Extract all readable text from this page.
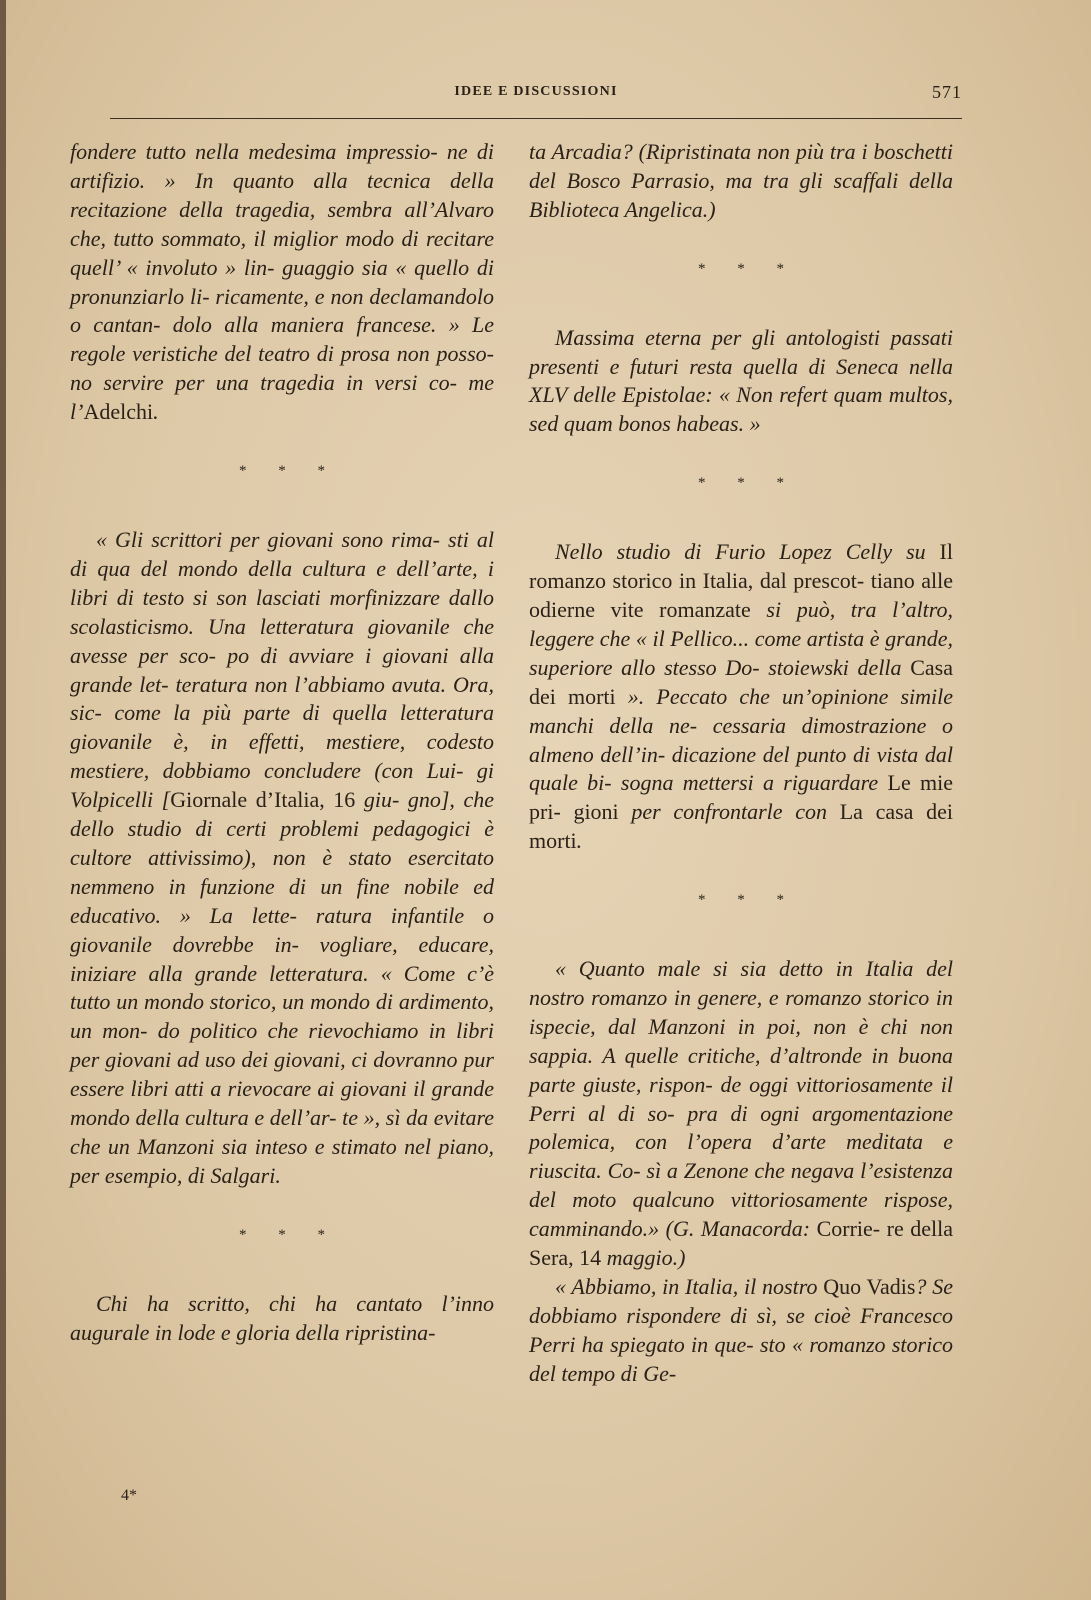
IDEE E DISCUSSIONI	571

fondere tutto nella medesima impressio- ne di artifizio. » In quanto alla tecnica della recitazione della tragedia, sembra all’Alvaro che, tutto sommato, il miglior modo di recitare quell’ « involuto » lin- guaggio sia « quello di pronunziarlo li- ricamente, e non declamandolo o cantan- dolo alla maniera francese. » Le regole veristiche del teatro di prosa non posso- no servire per una tragedia in versi co- me l’Adelchi.

* * *

« Gli scrittori per giovani sono rima- sti al di qua del mondo della cultura e dell’arte, i libri di testo si son lasciati morfinizzare dallo scolasticismo. Una letteratura giovanile che avesse per sco- po di avviare i giovani alla grande let- teratura non l’abbiamo avuta. Ora, sic- come la più parte di quella letteratura giovanile è, in effetti, mestiere, codesto mestiere, dobbiamo concludere (con Lui- gi Volpicelli [Giornale d’Italia, 16 giu- gno], che dello studio di certi problemi pedagogici è cultore attivissimo), non è stato esercitato nemmeno in funzione di un fine nobile ed educativo. » La lette- ratura infantile o giovanile dovrebbe in- vogliare, educare, iniziare alla grande letteratura. « Come c’è tutto un mondo storico, un mondo di ardimento, un mon- do politico che rievochiamo in libri per giovani ad uso dei giovani, ci dovranno pur essere libri atti a rievocare ai giovani il grande mondo della cultura e dell’ar- te », sì da evitare che un Manzoni sia inteso e stimato nel piano, per esempio, di Salgari.

* * *

Chi ha scritto, chi ha cantato l’inno augurale in lode e gloria della ripristina-

ta Arcadia? (Ripristinata non più tra i boschetti del Bosco Parrasio, ma tra gli scaffali della Biblioteca Angelica.)

* * *

Massima eterna per gli antologisti passati presenti e futuri resta quella di Seneca nella XLV delle Epistolae: « Non refert quam multos, sed quam bonos habeas. »

* * *

Nello studio di Furio Lopez Celly su Il romanzo storico in Italia, dal prescot- tiano alle odierne vite romanzate si può, tra l’altro, leggere che « il Pellico... come artista è grande, superiore allo stesso Do- stoiewski della Casa dei morti ». Peccato che un’opinione simile manchi della ne- cessaria dimostrazione o almeno dell’in- dicazione del punto di vista dal quale bi- sogna mettersi a riguardare Le mie pri- gioni per confrontarle con La casa dei morti.

* * *

« Quanto male si sia detto in Italia del nostro romanzo in genere, e romanzo storico in ispecie, dal Manzoni in poi, non è chi non sappia. A quelle critiche, d’altronde in buona parte giuste, rispon- de oggi vittoriosamente il Perri al di so- pra di ogni argomentazione polemica, con l’opera d’arte meditata e riuscita. Co- sì a Zenone che negava l’esistenza del moto qualcuno vittoriosamente rispose, camminando.» (G. Manacorda: Corrie- re della Sera, 14 maggio.)

« Abbiamo, in Italia, il nostro Quo Vadis? Se dobbiamo rispondere di sì, se cioè Francesco Perri ha spiegato in que- sto « romanzo storico del tempo di Ge-

4*
